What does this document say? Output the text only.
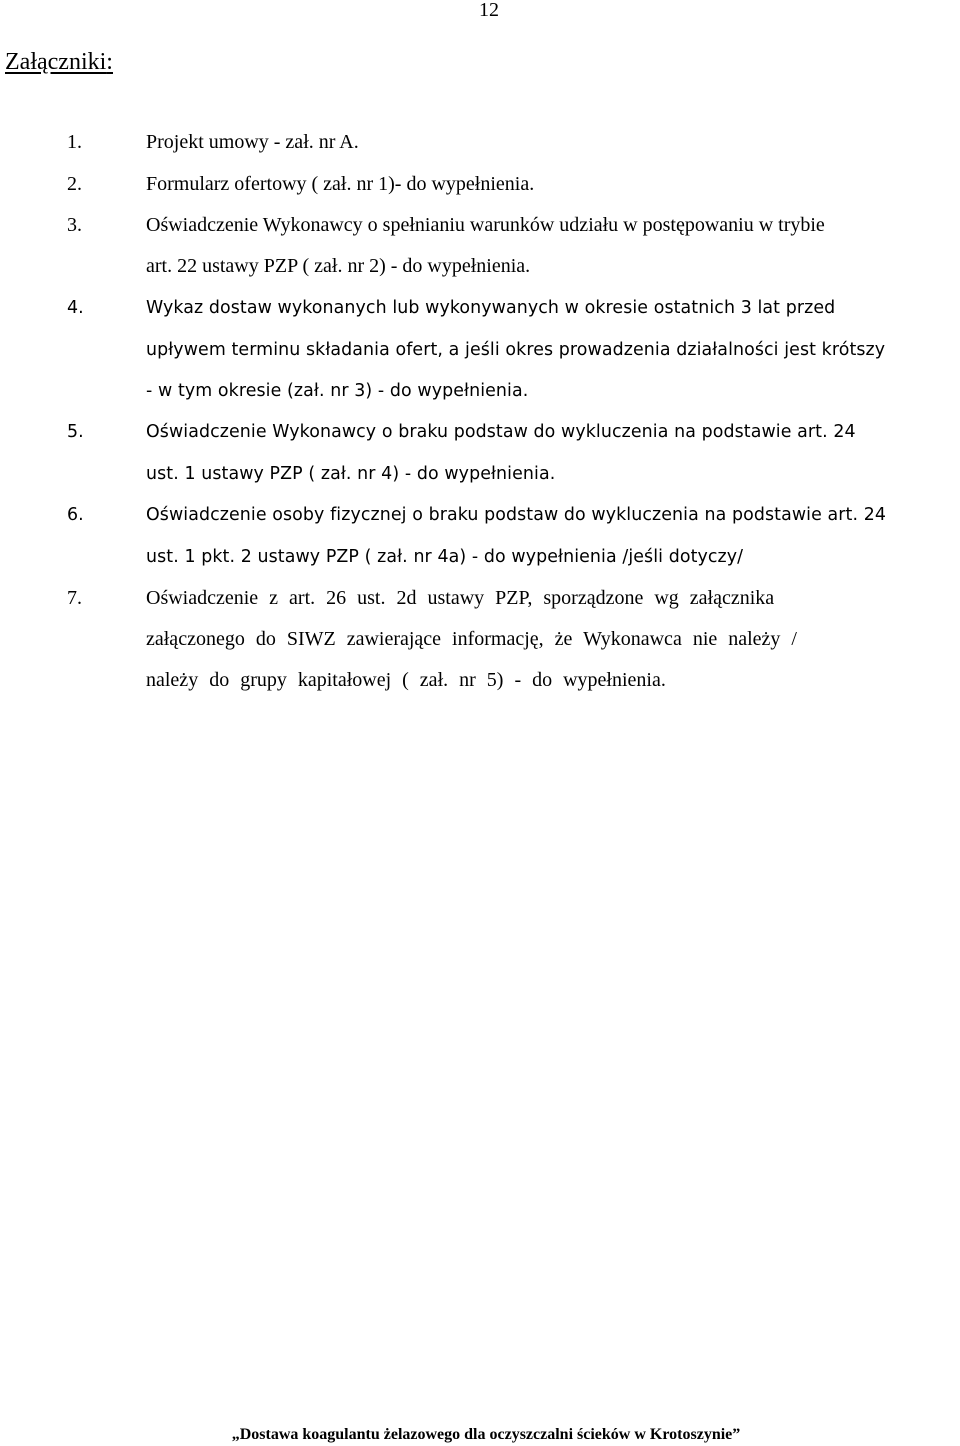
12
Załączniki:
1.	Projekt umowy - zał. nr A.
2.	Formularz ofertowy ( zał. nr 1)- do wypełnienia.
3.	Oświadczenie Wykonawcy o spełnianiu warunków udziału w postępowaniu w trybie
art. 22 ustawy PZP ( zał. nr 2) - do wypełnienia.
4.	Wykaz dostaw wykonanych lub wykonywanych w okresie ostatnich 3 lat przed
upływem terminu składania ofert, a jeśli okres prowadzenia działalności jest krótszy
- w tym okresie (zał. nr 3) - do wypełnienia.
5.	Oświadczenie Wykonawcy o braku podstaw do wykluczenia na podstawie art. 24
ust. 1 ustawy PZP ( zał. nr 4) - do wypełnienia.
6.	Oświadczenie osoby fizycznej o braku podstaw do wykluczenia na podstawie art. 24
ust. 1 pkt. 2 ustawy PZP ( zał. nr 4a) - do wypełnienia /jeśli dotyczy/
7.	Oświadczenie z art. 26 ust. 2d ustawy PZP, sporządzone wg załącznika
załączonego do SIWZ zawierające informację, że Wykonawca nie należy /
należy do grupy kapitałowej ( zał. nr 5) - do wypełnienia.
„Dostawa koagulantu żelazowego dla oczyszczalni ścieków w Krotoszynie”
